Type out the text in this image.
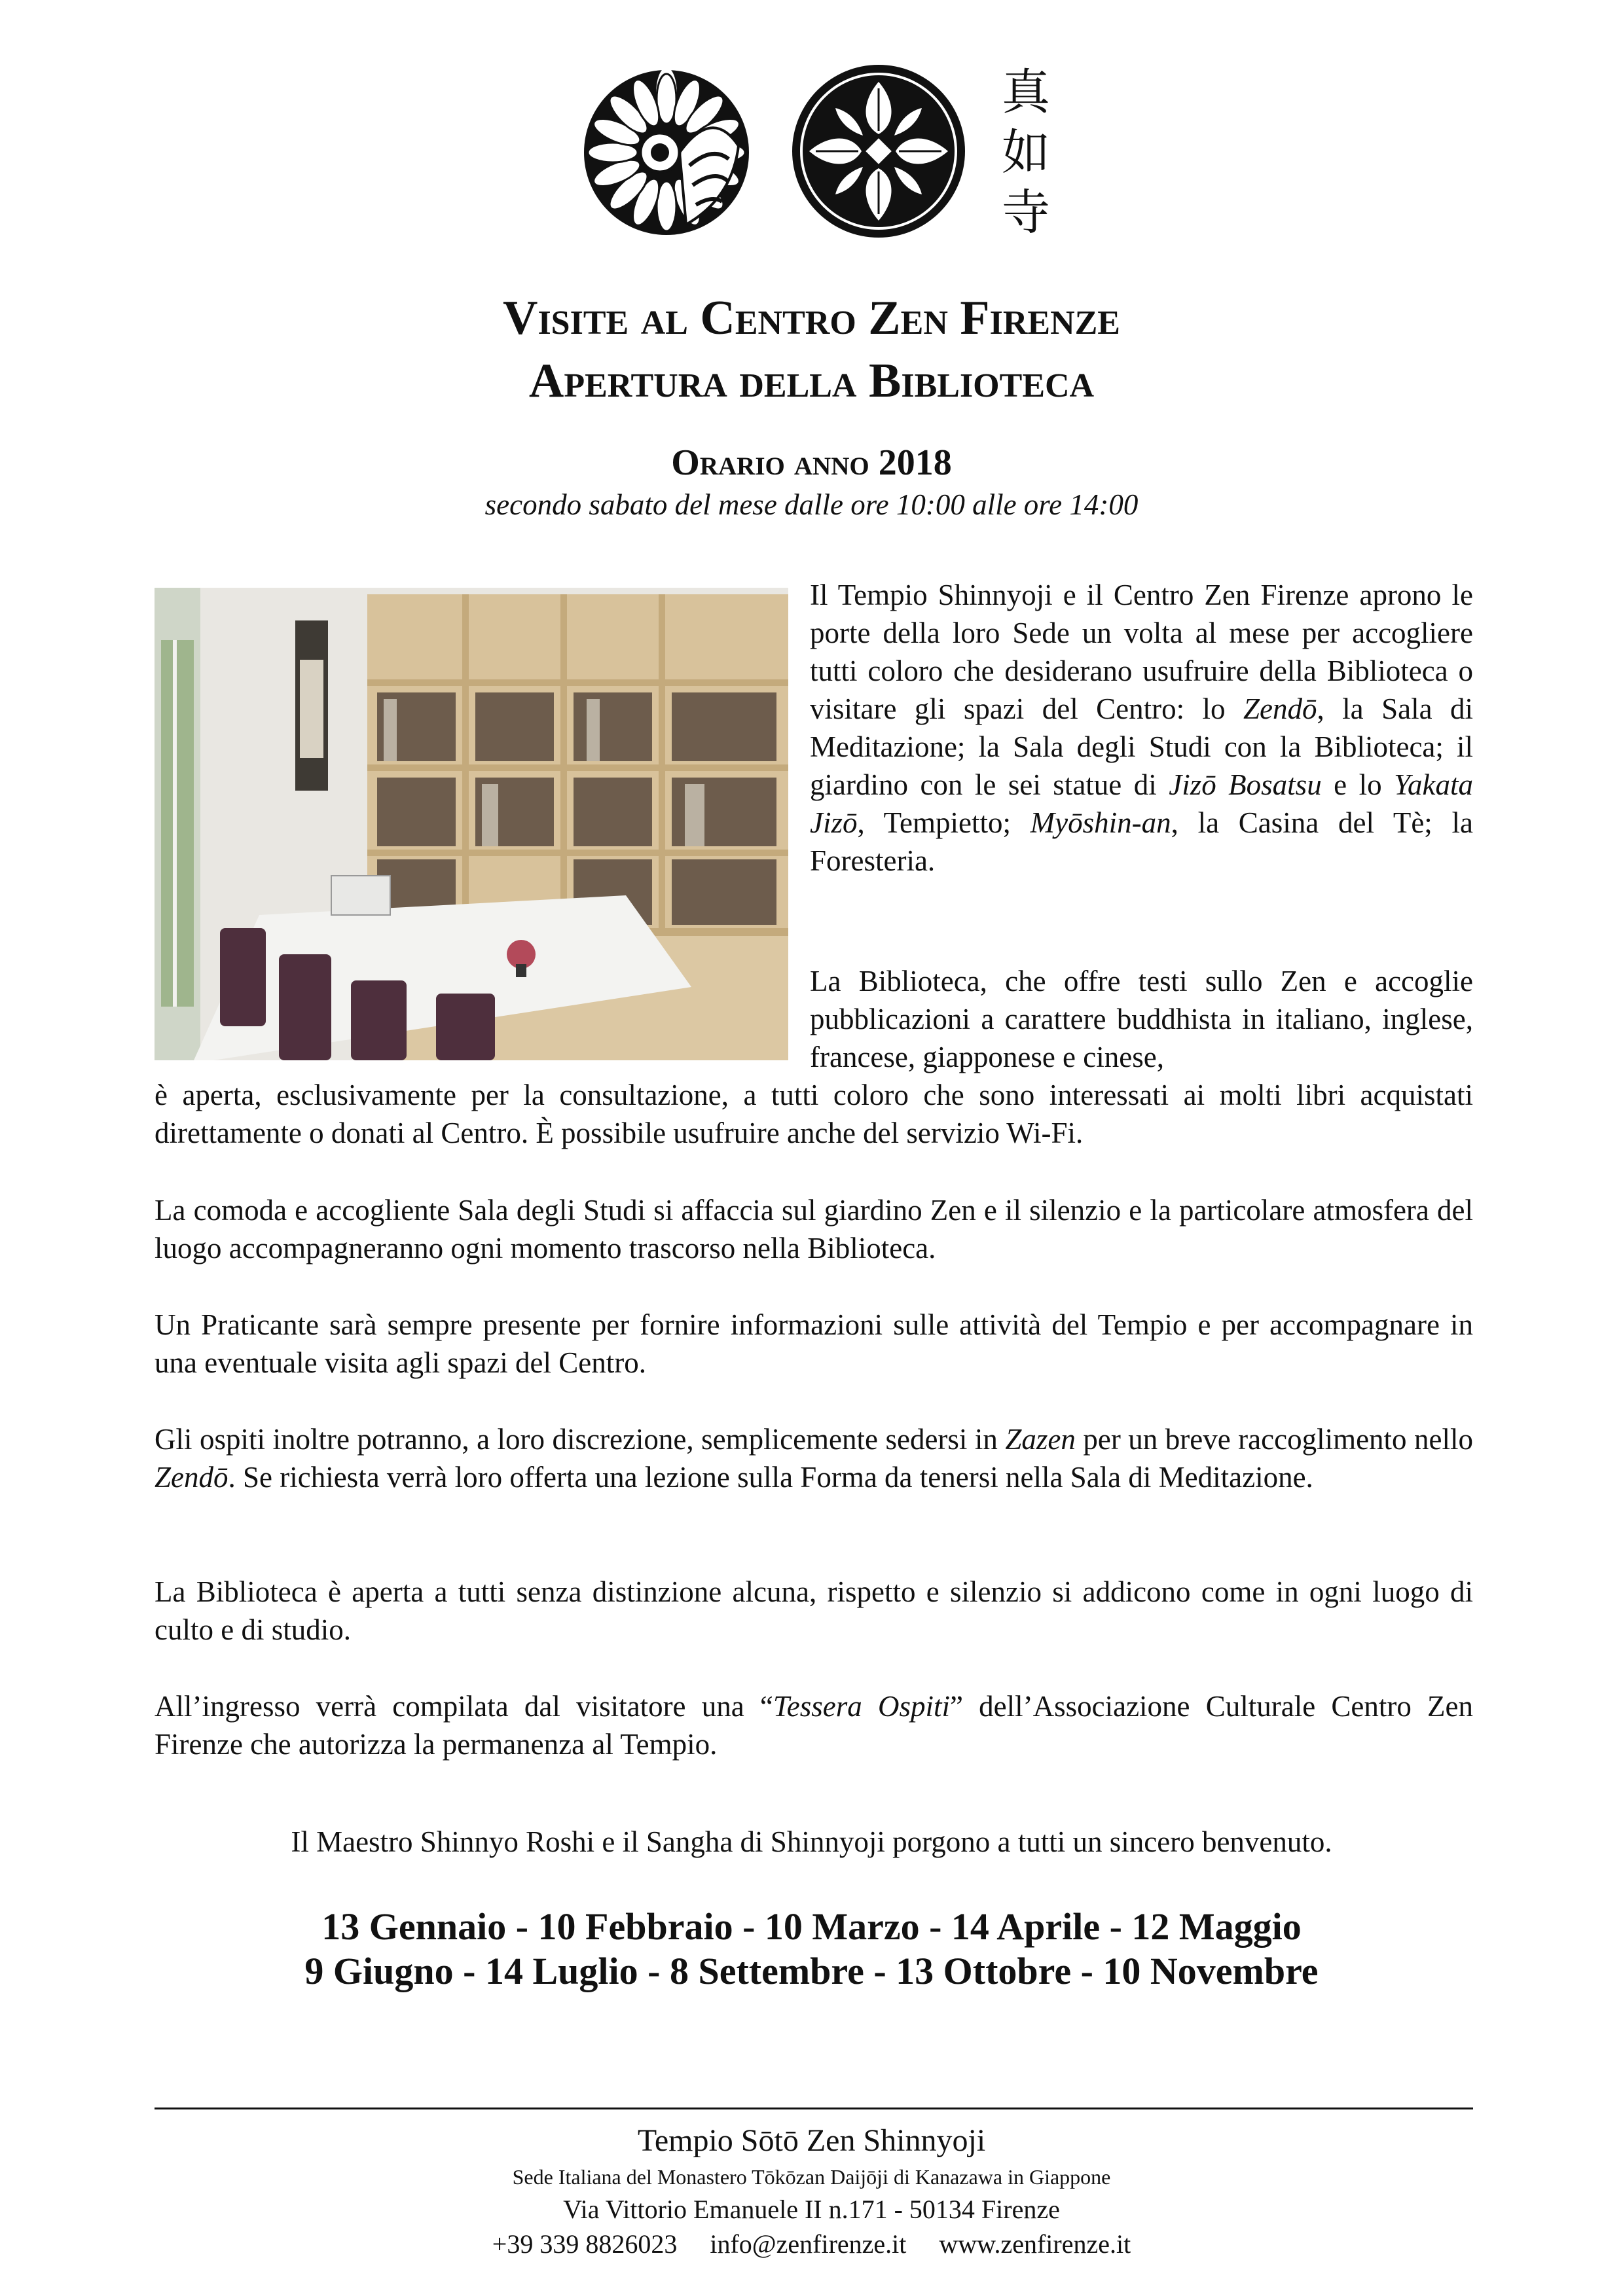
真
如
寺
Visite al Centro Zen Firenze
Apertura della Biblioteca
Orario anno 2018
secondo sabato del mese dalle ore 10:00 alle ore 14:00
Il Tempio Shinnyoji e il Centro Zen Firenze aprono le porte della loro Sede un volta al mese per accogliere tutti coloro che desiderano usufruire della Biblioteca o visitare gli spazi del Centro: lo Zendō, la Sala di Meditazione; la Sala degli Studi con la Biblioteca; il giardino con le sei statue di Jizō Bosatsu e lo Yakata Jizō, Tempietto; Myōshin-an, la Casina del Tè; la Foresteria.
La Biblioteca, che offre testi sullo Zen e accoglie pubblicazioni a carattere buddhista in italiano, inglese, francese, giapponese e cinese,
è aperta, esclusivamente per la consultazione, a tutti coloro che sono interessati ai molti libri acquistati direttamente o donati al Centro. È possibile usufruire anche del servizio Wi-Fi.
La comoda e accogliente Sala degli Studi si affaccia sul giardino Zen e il silenzio e la particolare atmosfera del luogo accompagneranno ogni momento trascorso nella Biblioteca.
Un Praticante sarà sempre presente per fornire informazioni sulle attività del Tempio e per accompagnare in una eventuale visita agli spazi del Centro.
Gli ospiti inoltre potranno, a loro discrezione, semplicemente sedersi in Zazen per un breve raccoglimento nello Zendō. Se richiesta verrà loro offerta una lezione sulla Forma da tenersi nella Sala di Meditazione.
La Biblioteca è aperta a tutti senza distinzione alcuna, rispetto e silenzio si addicono come in ogni luogo di culto e di studio.
All’ingresso verrà compilata dal visitatore una “Tessera Ospiti” dell’Associazione Culturale Centro Zen Firenze che autorizza la permanenza al Tempio.
Il Maestro Shinnyo Roshi e il Sangha di Shinnyoji porgono a tutti un sincero benvenuto.
13 Gennaio - 10 Febbraio - 10 Marzo - 14 Aprile - 12 Maggio
9 Giugno - 14 Luglio - 8 Settembre - 13 Ottobre - 10 Novembre
Tempio Sōtō Zen Shinnyoji
Sede Italiana del Monastero Tōkōzan Daijōji di Kanazawa in Giappone
Via Vittorio Emanuele II n.171 - 50134 Firenze
+39 339 8826023 info@zenfirenze.it www.zenfirenze.it
